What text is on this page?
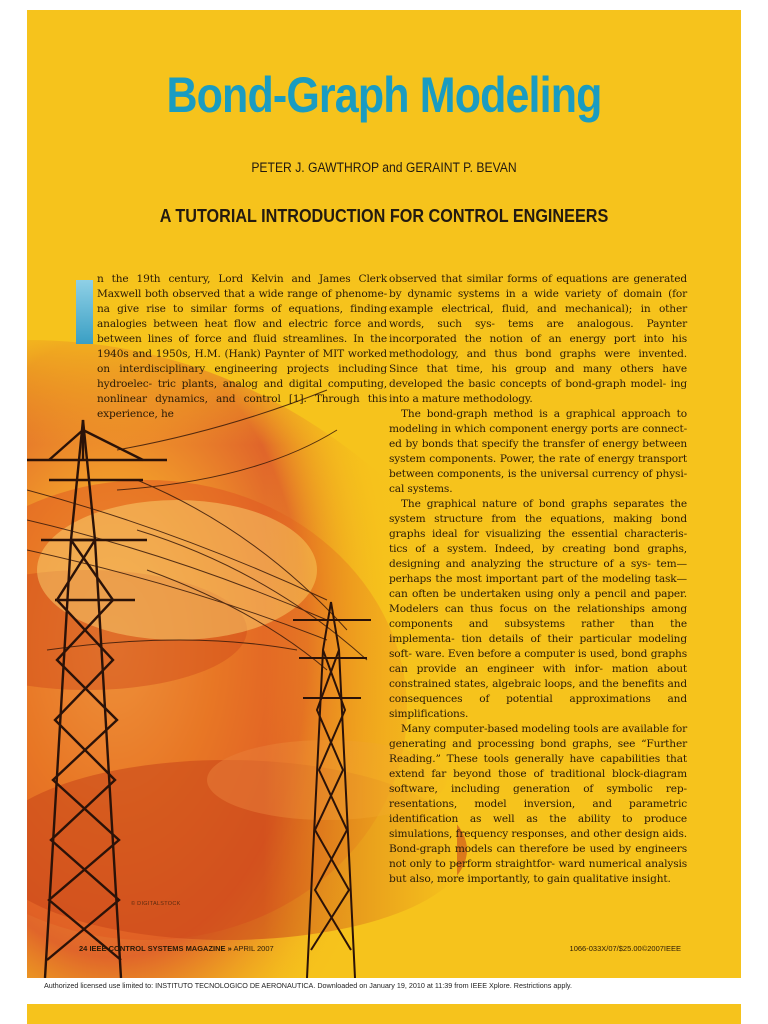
Bond-Graph Modeling
PETER J. GAWTHROP and GERAINT P. BEVAN
A TUTORIAL INTRODUCTION FOR CONTROL ENGINEERS

n the 19th century, Lord Kelvin and James Clerk Maxwell both observed that a wide range of phenome- na give rise to similar forms of equations, finding analogies between heat flow and electric force and between lines of force and fluid streamlines. In the 1940s and 1950s, H.M. (Hank) Paynter of MIT worked on interdisciplinary engineering projects including hydroelec- tric plants, analog and digital computing, nonlinear dynamics, and control [1]. Through this experience, he

observed that similar forms of equations are generated by dynamic systems in a wide variety of domain (for example electrical, fluid, and mechanical); in other words, such sys- tems are analogous. Paynter incorporated the notion of an energy port into his methodology, and thus bond graphs were invented. Since that time, his group and many others have developed the basic concepts of bond-graph model- ing into a mature methodology.

The bond-graph method is a graphical approach to modeling in which component energy ports are connect- ed by bonds that specify the transfer of energy between system components. Power, the rate of energy transport between components, is the universal currency of physi- cal systems.

The graphical nature of bond graphs separates the system structure from the equations, making bond graphs ideal for visualizing the essential characteris- tics of a system. Indeed, by creating bond graphs, designing and analyzing the structure of a sys- tem—perhaps the most important part of the modeling task—can often be undertaken using only a pencil and paper. Modelers can thus focus on the relationships among components and subsystems rather than the implementa- tion details of their particular modeling soft- ware. Even before a computer is used, bond graphs can provide an engineer with infor- mation about constrained states, algebraic loops, and the benefits and consequences of potential approximations and simplifications.

Many computer-based modeling tools are available for generating and processing bond graphs, see “Further Reading.” These tools generally have capabilities that extend far beyond those of traditional block-diagram software, including generation of symbolic rep- resentations, model inversion, and parametric identification as well as the ability to produce simulations, frequency responses, and other design aids. Bond-graph models can therefore be used by engineers not only to perform straightfor- ward numerical analysis but also, more importantly, to gain qualitative insight.

© DIGITALSTOCK
24 IEEE CONTROL SYSTEMS MAGAZINE » APRIL 2007	1066-033X/07/$25.00©2007IEEE
Authorized licensed use limited to: INSTITUTO TECNOLOGICO DE AERONAUTICA. Downloaded on January 19, 2010 at 11:39 from IEEE Xplore. Restrictions apply.
